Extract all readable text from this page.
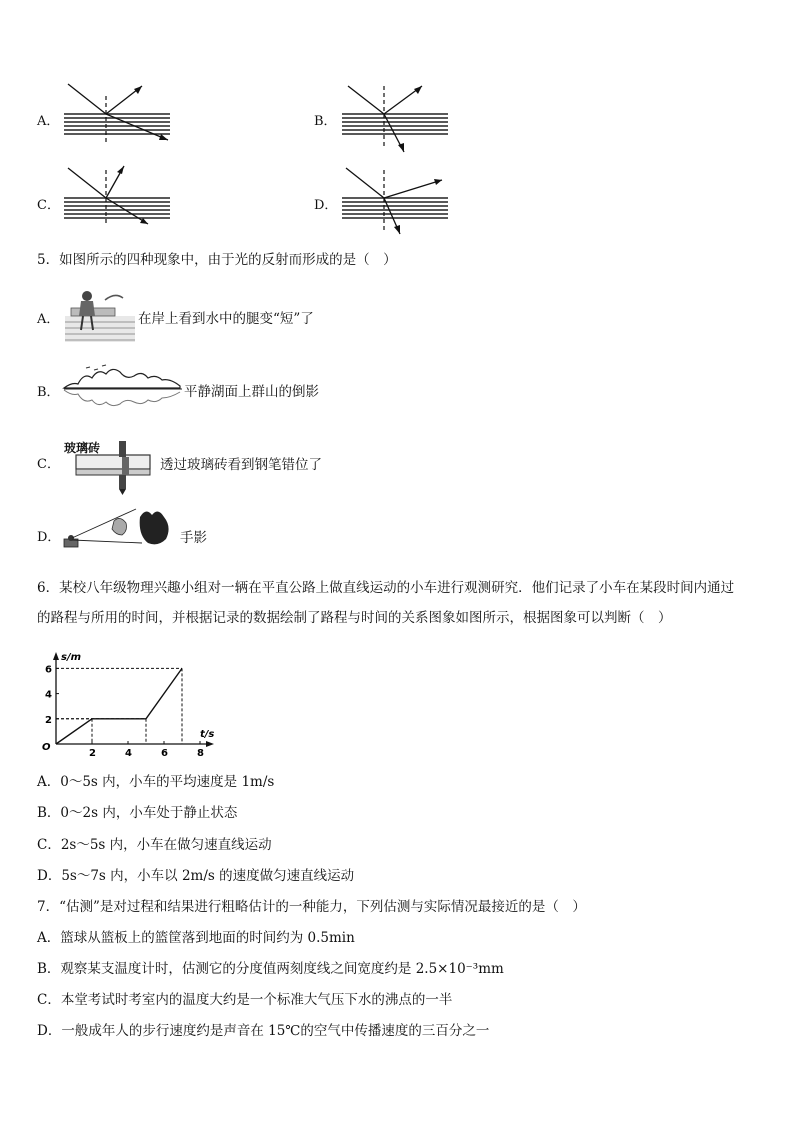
A．	B．
C．	D．
5．如图所示的四种现象中，由于光的反射而形成的是（　）
A．	在岸上看到水中的腿变“短”了
B．	平静湖面上群山的倒影
C．
玻璃砖
透过玻璃砖看到钢笔错位了
D．	手影
6．某校八年级物理兴趣小组对一辆在平直公路上做直线运动的小车进行观测研究．他们记录了小车在某段时间内通过
的路程与所用的时间，并根据记录的数据绘制了路程与时间的关系图象如图所示，根据图象可以判断（　）
2	4	6	8
2
4
6
O
t/s
s/m
A．0～5s 内，小车的平均速度是 1m/s
B．0～2s 内，小车处于静止状态
C．2s～5s 内，小车在做匀速直线运动
D．5s～7s 内，小车以 2m/s 的速度做匀速直线运动
7．“估测”是对过程和结果进行粗略估计的一种能力，下列估测与实际情况最接近的是（　）
A．篮球从篮板上的篮筐落到地面的时间约为 0.5min
B．观察某支温度计时，估测它的分度值两刻度线之间宽度约是 2.5×10⁻³mm
C．本堂考试时考室内的温度大约是一个标准大气压下水的沸点的一半
D．一般成年人的步行速度约是声音在 15℃的空气中传播速度的三百分之一
